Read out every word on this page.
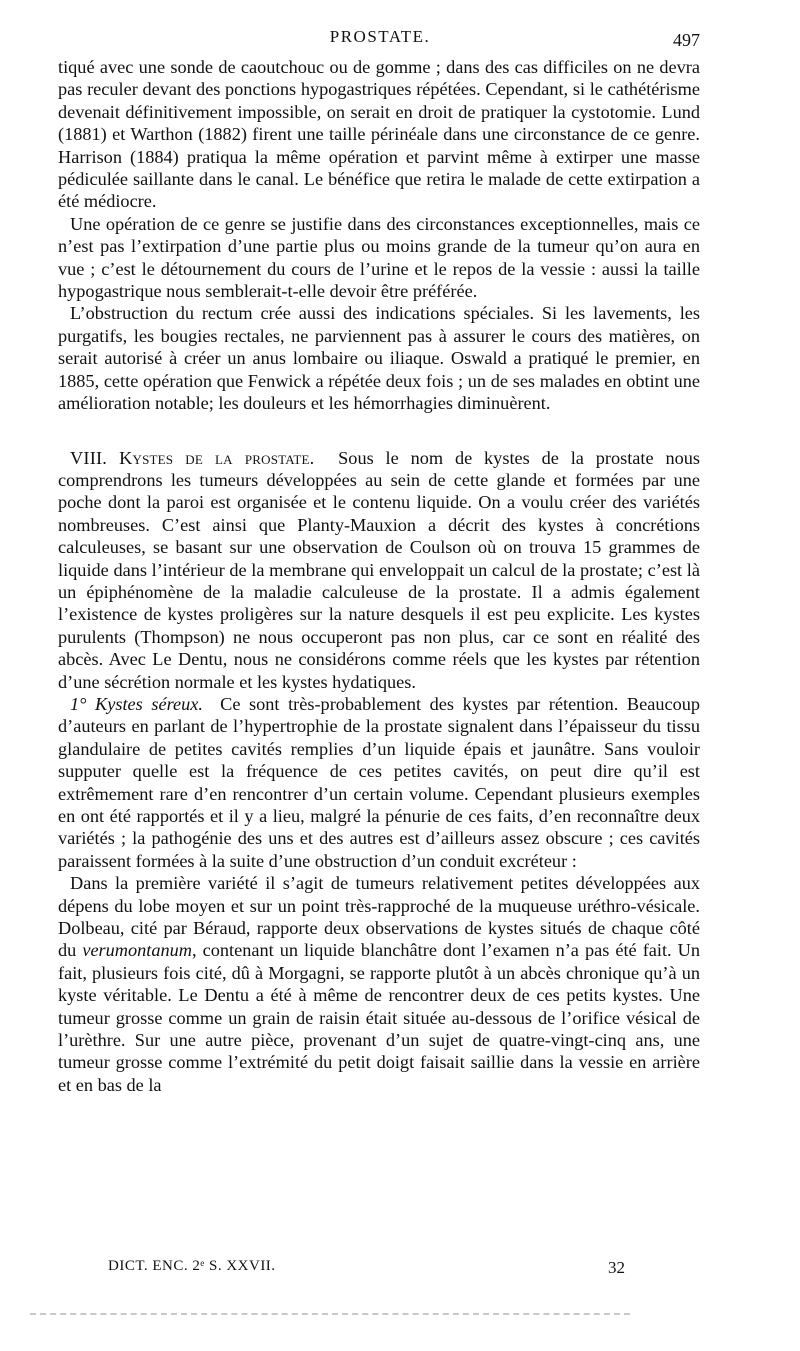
PROSTATE.	497

tiqué avec une sonde de caoutchouc ou de gomme ; dans des cas difficiles on ne devra pas reculer devant des ponctions hypogastriques répétées. Cependant, si le cathétérisme devenait définitivement impossible, on serait en droit de pratiquer la cystotomie. Lund (1881) et Warthon (1882) firent une taille périnéale dans une circonstance de ce genre. Harrison (1884) pratiqua la même opération et parvint même à extirper une masse pédiculée saillante dans le canal. Le bénéfice que retira le malade de cette extirpation a été médiocre.

Une opération de ce genre se justifie dans des circonstances exceptionnelles, mais ce n’est pas l’extirpation d’une partie plus ou moins grande de la tumeur qu’on aura en vue ; c’est le détournement du cours de l’urine et le repos de la vessie : aussi la taille hypogastrique nous semblerait-t-elle devoir être préférée.

L’obstruction du rectum crée aussi des indications spéciales. Si les lavements, les purgatifs, les bougies rectales, ne parviennent pas à assurer le cours des matières, on serait autorisé à créer un anus lombaire ou iliaque. Oswald a pratiqué le premier, en 1885, cette opération que Fenwick a répétée deux fois ; un de ses malades en obtint une amélioration notable; les douleurs et les hémorrhagies diminuèrent.

VIII. Kystes de la prostate. Sous le nom de kystes de la prostate nous comprendrons les tumeurs développées au sein de cette glande et formées par une poche dont la paroi est organisée et le contenu liquide. On a voulu créer des variétés nombreuses. C’est ainsi que Planty-Mauxion a décrit des kystes à concrétions calculeuses, se basant sur une observation de Coulson où on trouva 15 grammes de liquide dans l’intérieur de la membrane qui enveloppait un calcul de la prostate; c’est là un épiphénomène de la maladie calculeuse de la prostate. Il a admis également l’existence de kystes proligères sur la nature desquels il est peu explicite. Les kystes purulents (Thompson) ne nous occuperont pas non plus, car ce sont en réalité des abcès. Avec Le Dentu, nous ne considérons comme réels que les kystes par rétention d’une sécrétion normale et les kystes hydatiques.

1° Kystes séreux. Ce sont très-probablement des kystes par rétention. Beaucoup d’auteurs en parlant de l’hypertrophie de la prostate signalent dans l’épaisseur du tissu glandulaire de petites cavités remplies d’un liquide épais et jaunâtre. Sans vouloir supputer quelle est la fréquence de ces petites cavités, on peut dire qu’il est extrêmement rare d’en rencontrer d’un certain volume. Cependant plusieurs exemples en ont été rapportés et il y a lieu, malgré la pénurie de ces faits, d’en reconnaître deux variétés ; la pathogénie des uns et des autres est d’ailleurs assez obscure ; ces cavités paraissent formées à la suite d’une obstruction d’un conduit excréteur :

Dans la première variété il s’agit de tumeurs relativement petites développées aux dépens du lobe moyen et sur un point très-rapproché de la muqueuse uréthro-vésicale. Dolbeau, cité par Béraud, rapporte deux observations de kystes situés de chaque côté du verumontanum, contenant un liquide blanchâtre dont l’examen n’a pas été fait. Un fait, plusieurs fois cité, dû à Morgagni, se rapporte plutôt à un abcès chronique qu’à un kyste véritable. Le Dentu a été à même de rencontrer deux de ces petits kystes. Une tumeur grosse comme un grain de raisin était située au-dessous de l’orifice vésical de l’urèthre. Sur une autre pièce, provenant d’un sujet de quatre-vingt-cinq ans, une tumeur grosse comme l’extrémité du petit doigt faisait saillie dans la vessie en arrière et en bas de la

DICT. ENC. 2ᵉ S. XXVII.	32
